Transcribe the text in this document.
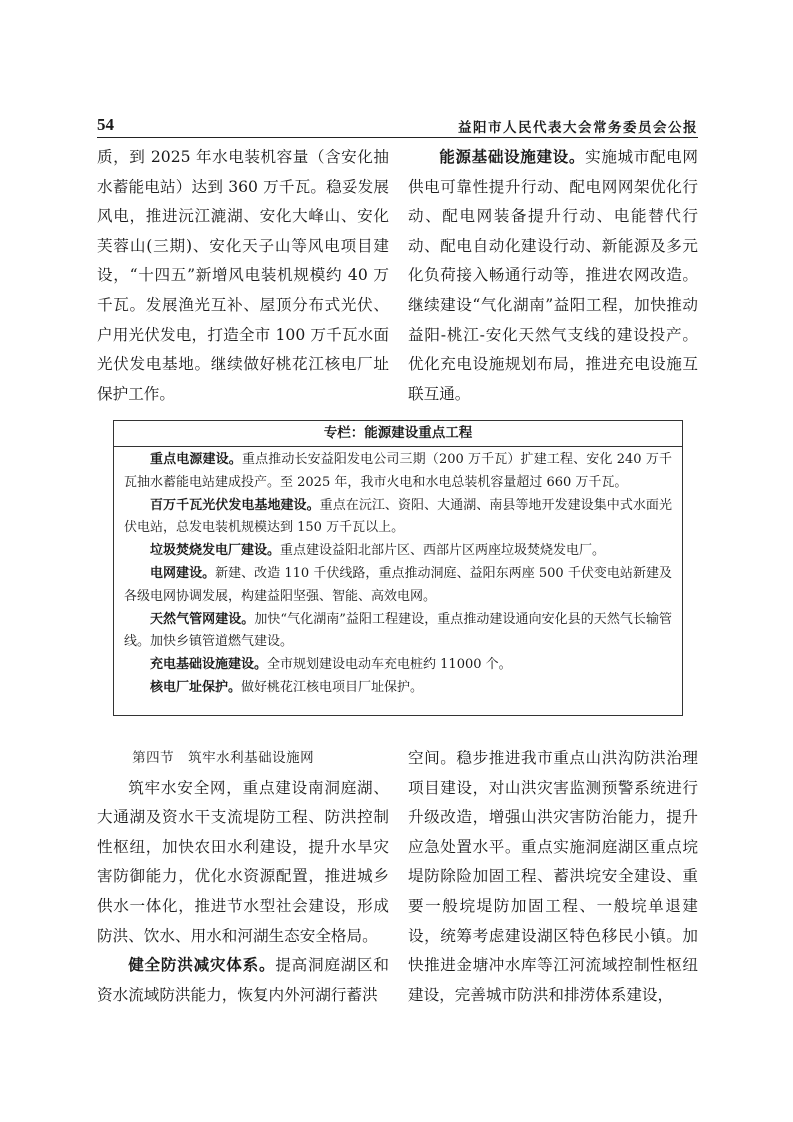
54	益阳市人民代表大会常务委员会公报

质，到 2025 年水电装机容量（含安化抽水蓄能电站）达到 360 万千瓦。稳妥发展风电，推进沅江漉湖、安化大峰山、安化芙蓉山(三期)、安化天子山等风电项目建设，“十四五”新增风电装机规模约 40 万千瓦。发展渔光互补、屋顶分布式光伏、户用光伏发电，打造全市 100 万千瓦水面光伏发电基地。继续做好桃花江核电厂址保护工作。

能源基础设施建设。实施城市配电网供电可靠性提升行动、配电网网架优化行动、配电网装备提升行动、电能替代行动、配电自动化建设行动、新能源及多元化负荷接入畅通行动等，推进农网改造。继续建设“气化湖南”益阳工程，加快推动益阳-桃江-安化天然气支线的建设投产。优化充电设施规划布局，推进充电设施互联互通。

专栏：能源建设重点工程

重点电源建设。重点推动长安益阳发电公司三期（200 万千瓦）扩建工程、安化 240 万千瓦抽水蓄能电站建成投产。至 2025 年，我市火电和水电总装机容量超过 660 万千瓦。

百万千瓦光伏发电基地建设。重点在沅江、资阳、大通湖、南县等地开发建设集中式水面光伏电站，总发电装机规模达到 150 万千瓦以上。

垃圾焚烧发电厂建设。重点建设益阳北部片区、西部片区两座垃圾焚烧发电厂。

电网建设。新建、改造 110 千伏线路，重点推动洞庭、益阳东两座 500 千伏变电站新建及各级电网协调发展，构建益阳坚强、智能、高效电网。

天然气管网建设。加快“气化湖南”益阳工程建设，重点推动建设通向安化县的天然气长输管线。加快乡镇管道燃气建设。

充电基础设施建设。全市规划建设电动车充电桩约 11000 个。

核电厂址保护。做好桃花江核电项目厂址保护。

第四节　筑牢水利基础设施网

筑牢水安全网，重点建设南洞庭湖、大通湖及资水干支流堤防工程、防洪控制性枢纽，加快农田水利建设，提升水旱灾害防御能力，优化水资源配置，推进城乡供水一体化，推进节水型社会建设，形成防洪、饮水、用水和河湖生态安全格局。

健全防洪减灾体系。提高洞庭湖区和资水流域防洪能力，恢复内外河湖行蓄洪

空间。稳步推进我市重点山洪沟防洪治理项目建设，对山洪灾害监测预警系统进行升级改造，增强山洪灾害防治能力，提升应急处置水平。重点实施洞庭湖区重点垸堤防除险加固工程、蓄洪垸安全建设、重要一般垸堤防加固工程、一般垸单退建设，统筹考虑建设湖区特色移民小镇。加快推进金塘冲水库等江河流域控制性枢纽建设，完善城市防洪和排涝体系建设，
